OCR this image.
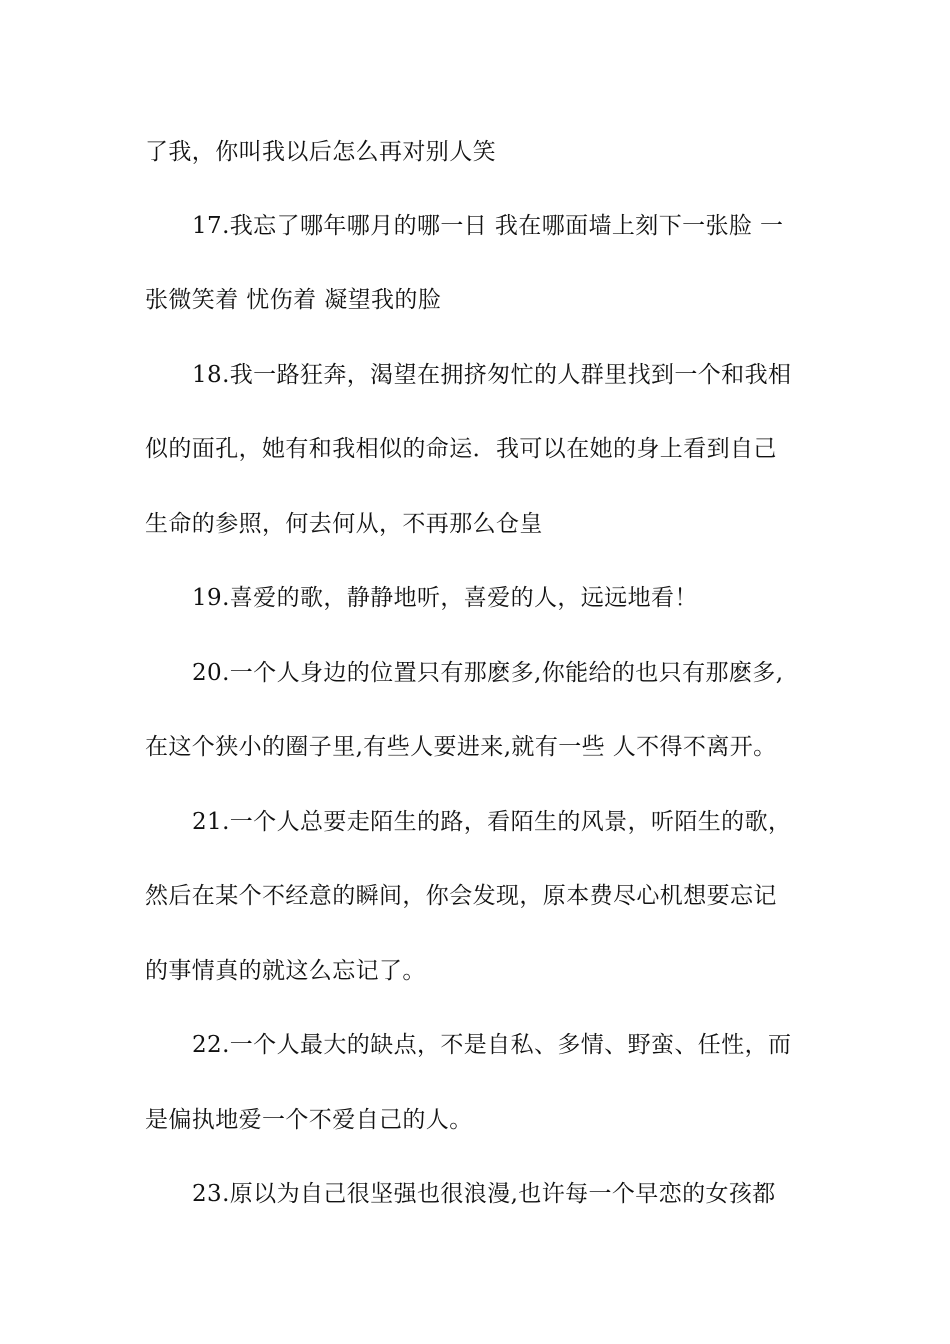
了我，你叫我以后怎么再对别人笑
17.我忘了哪年哪月的哪一日 我在哪面墙上刻下一张脸 一
张微笑着 忧伤着 凝望我的脸
18.我一路狂奔，渴望在拥挤匆忙的人群里找到一个和我相
似的面孔，她有和我相似的命运．我可以在她的身上看到自己
生命的参照，何去何从，不再那么仓皇
19.喜爱的歌，静静地听，喜爱的人，远远地看！
20.一个人身边的位置只有那麽多,你能给的也只有那麽多,
在这个狭小的圈子里,有些人要进来,就有一些 人不得不离开。
21.一个人总要走陌生的路，看陌生的风景，听陌生的歌，
然后在某个不经意的瞬间，你会发现，原本费尽心机想要忘记
的事情真的就这么忘记了。
22.一个人最大的缺点，不是自私、多情、野蛮、任性，而
是偏执地爱一个不爱自己的人。
23.原以为自己很坚强也很浪漫,也许每一个早恋的女孩都
